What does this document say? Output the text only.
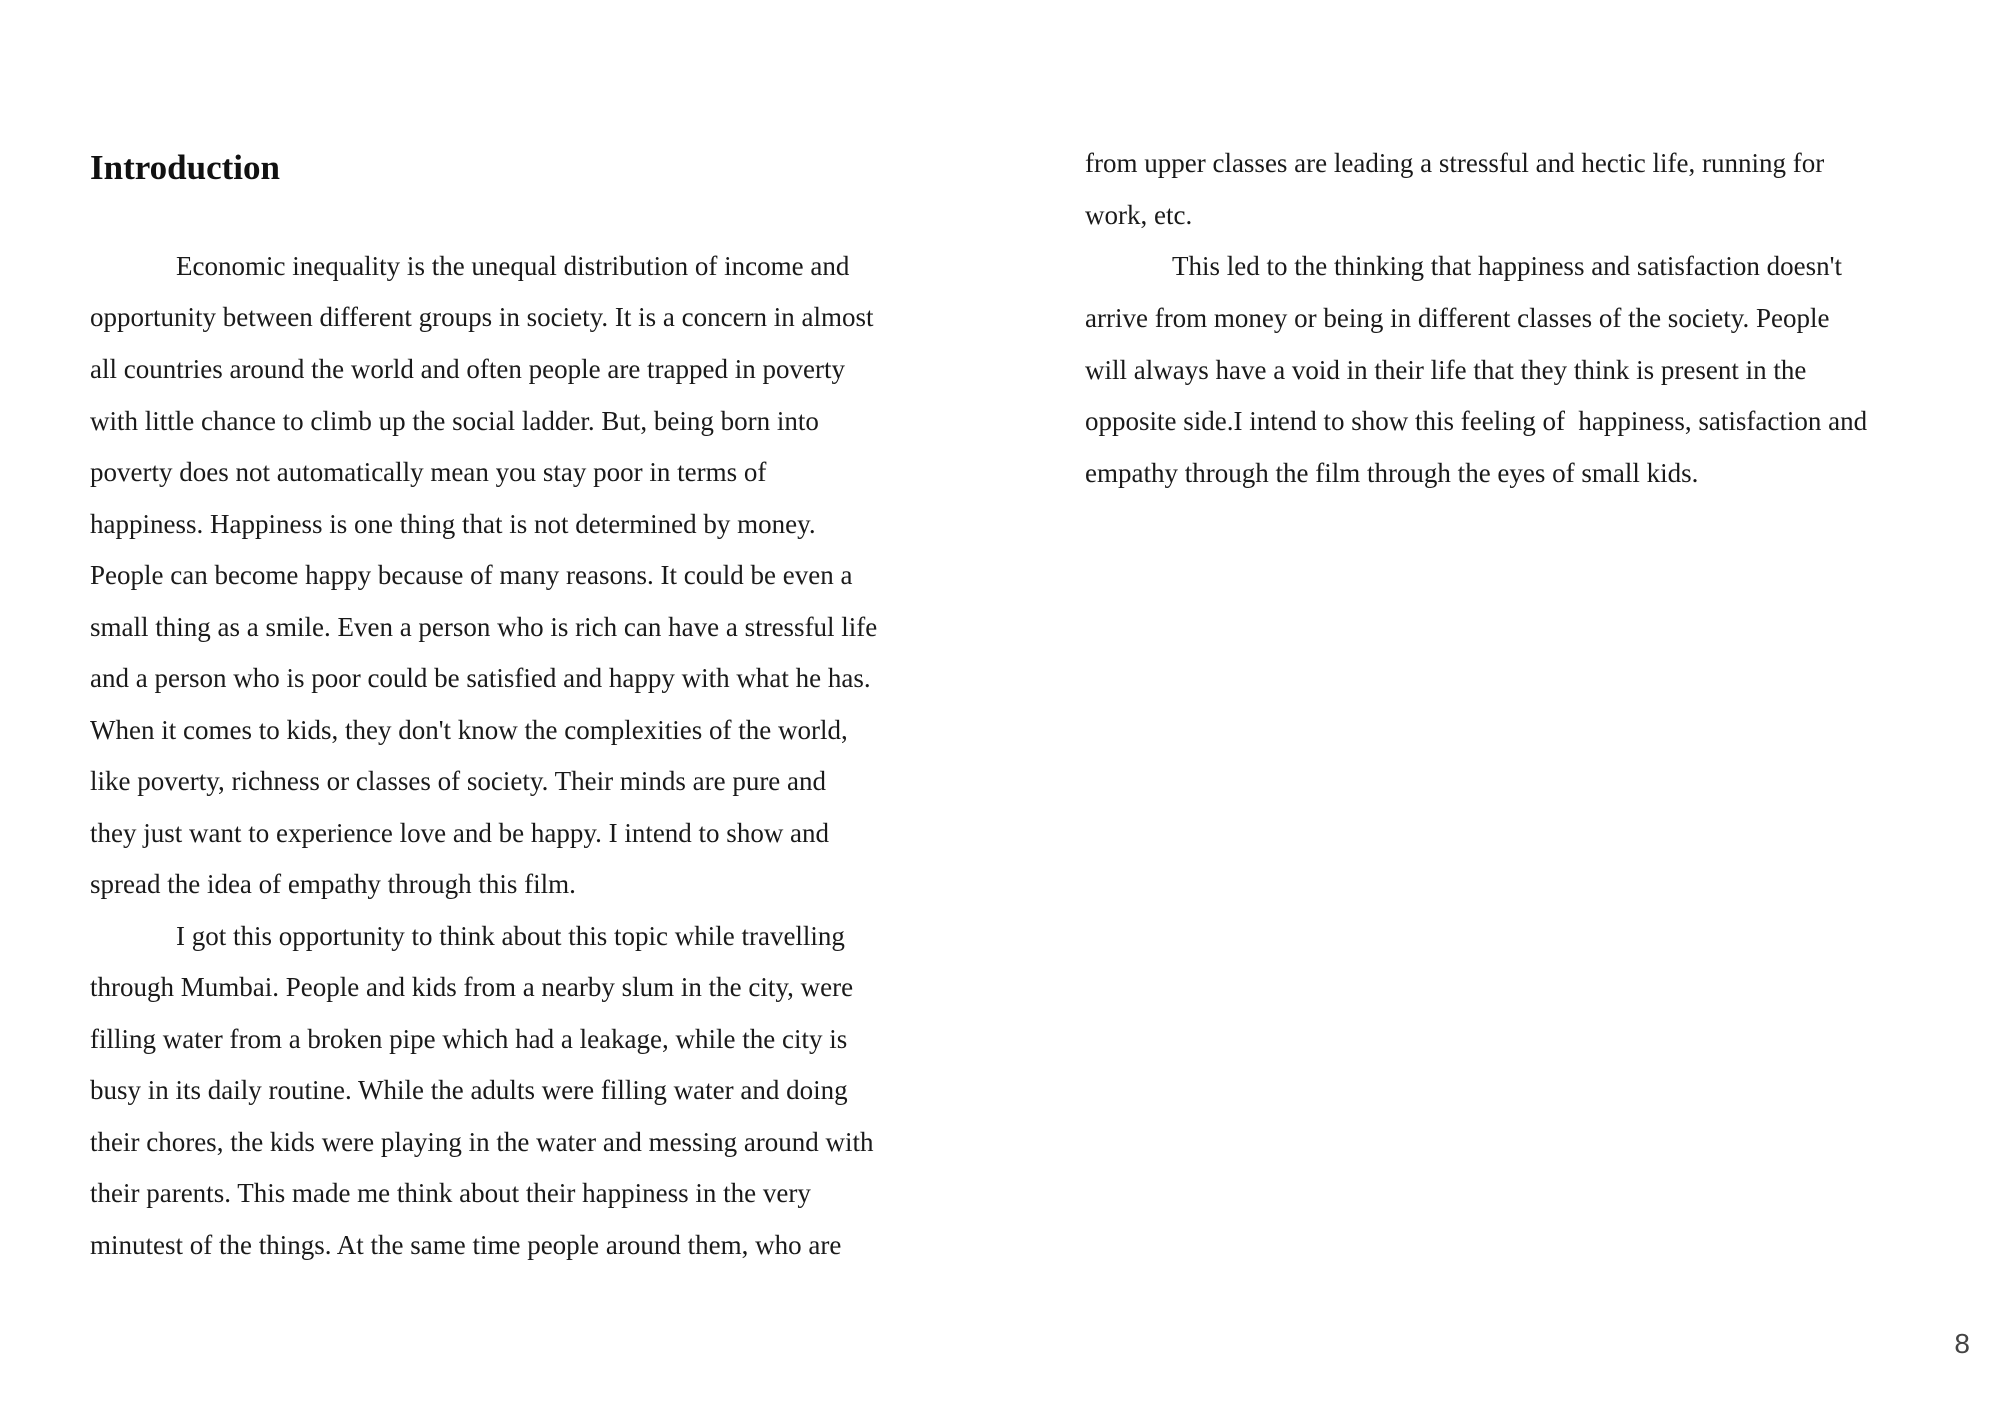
Introduction
Economic inequality is the unequal distribution of income and
opportunity between different groups in society. It is a concern in almost
all countries around the world and often people are trapped in poverty
with little chance to climb up the social ladder. But, being born into
poverty does not automatically mean you stay poor in terms of
happiness. Happiness is one thing that is not determined by money.
People can become happy because of many reasons. It could be even a
small thing as a smile. Even a person who is rich can have a stressful life
and a person who is poor could be satisfied and happy with what he has.
When it comes to kids, they don't know the complexities of the world,
like poverty, richness or classes of society. Their minds are pure and
they just want to experience love and be happy. I intend to show and
spread the idea of empathy through this film.
I got this opportunity to think about this topic while travelling
through Mumbai. People and kids from a nearby slum in the city, were
filling water from a broken pipe which had a leakage, while the city is
busy in its daily routine. While the adults were filling water and doing
their chores, the kids were playing in the water and messing around with
their parents. This made me think about their happiness in the very
minutest of the things. At the same time people around them, who are
from upper classes are leading a stressful and hectic life, running for
work, etc.
This led to the thinking that happiness and satisfaction doesn't
arrive from money or being in different classes of the society. People
will always have a void in their life that they think is present in the
opposite side.I intend to show this feeling of  happiness, satisfaction and
empathy through the film through the eyes of small kids.
8
